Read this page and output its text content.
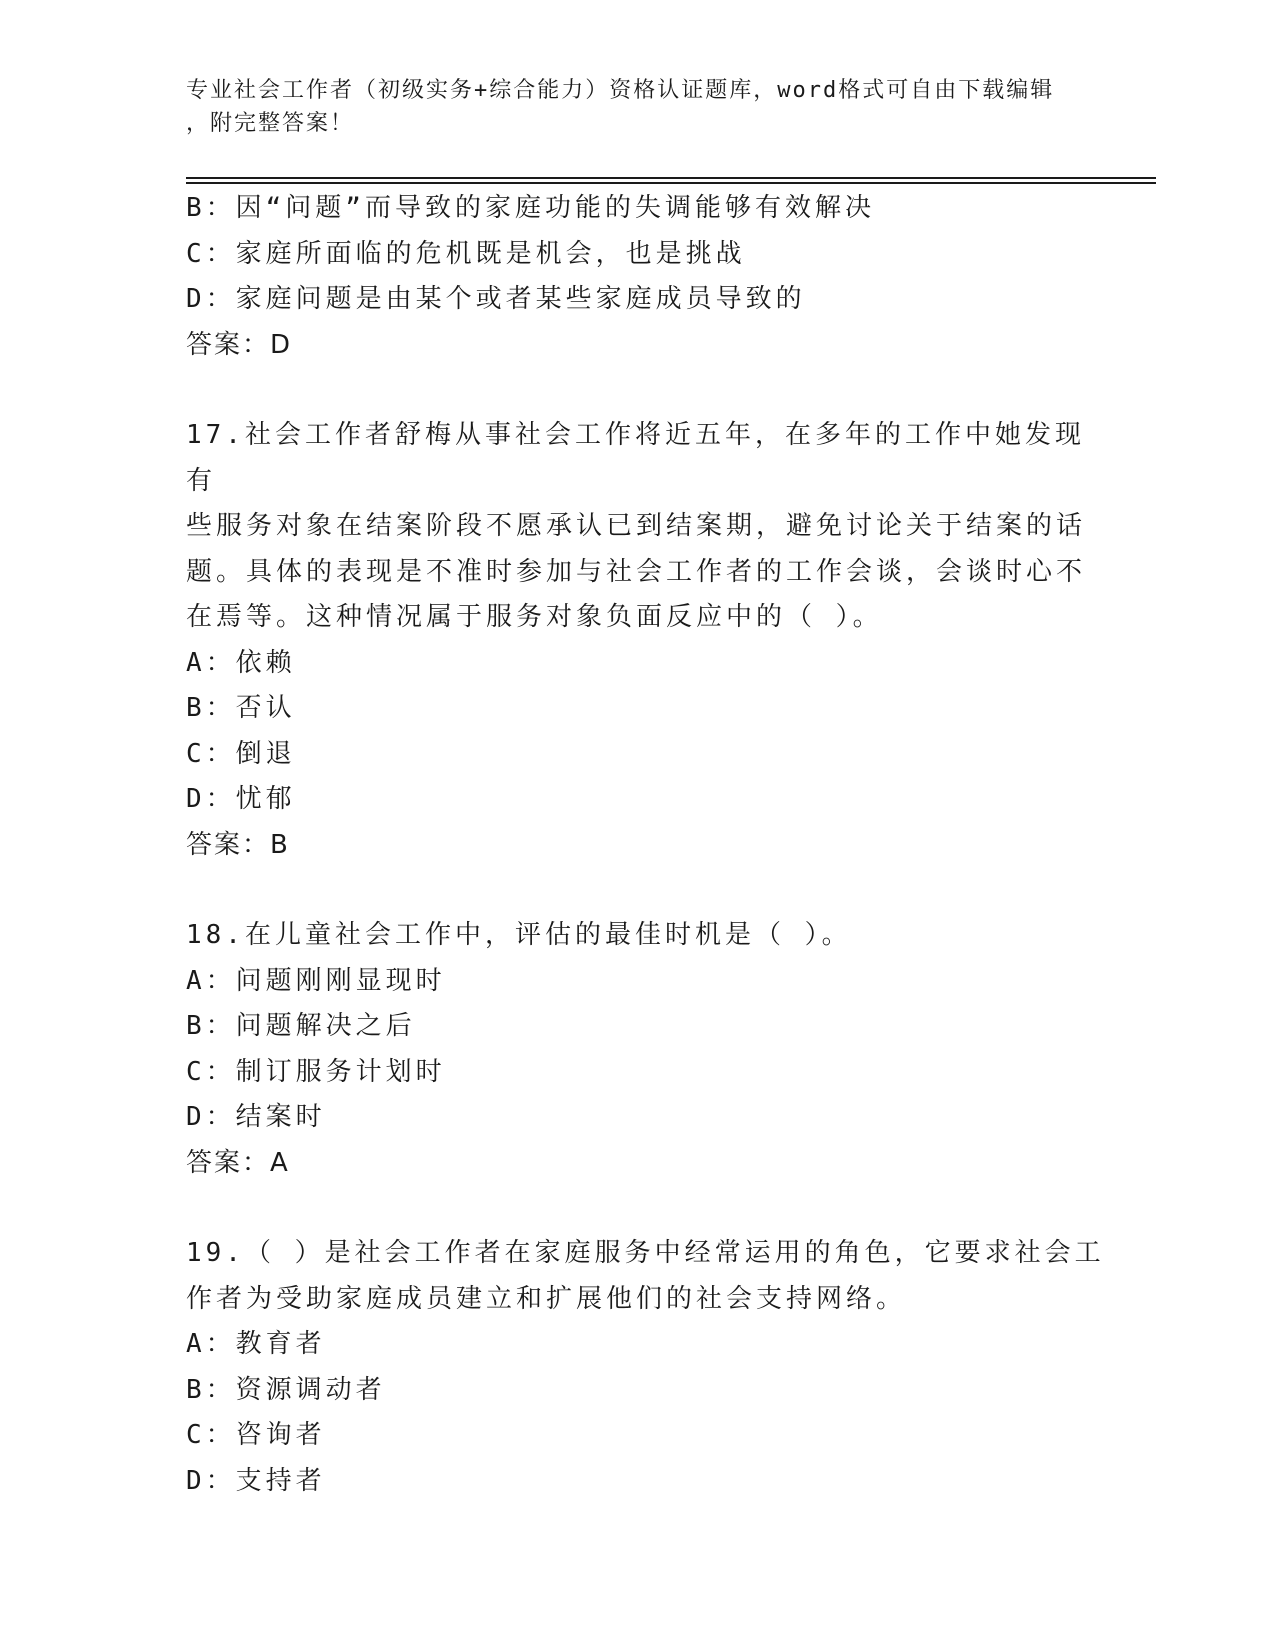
专业社会工作者（初级实务+综合能力）资格认证题库，word格式可自由下载编辑
，附完整答案！
B：因“问题”而导致的家庭功能的失调能够有效解决
C：家庭所面临的危机既是机会，也是挑战
D：家庭问题是由某个或者某些家庭成员导致的
答案：D
17.社会工作者舒梅从事社会工作将近五年，在多年的工作中她发现有
些服务对象在结案阶段不愿承认已到结案期，避免讨论关于结案的话
题。具体的表现是不准时参加与社会工作者的工作会谈，会谈时心不
在焉等。这种情况属于服务对象负面反应中的（ ）。
A：依赖
B：否认
C：倒退
D：忧郁
答案：B
18.在儿童社会工作中，评估的最佳时机是（ ）。
A：问题刚刚显现时
B：问题解决之后
C：制订服务计划时
D：结案时
答案：A
19.（ ）是社会工作者在家庭服务中经常运用的角色，它要求社会工
作者为受助家庭成员建立和扩展他们的社会支持网络。
A：教育者
B：资源调动者
C：咨询者
D：支持者
